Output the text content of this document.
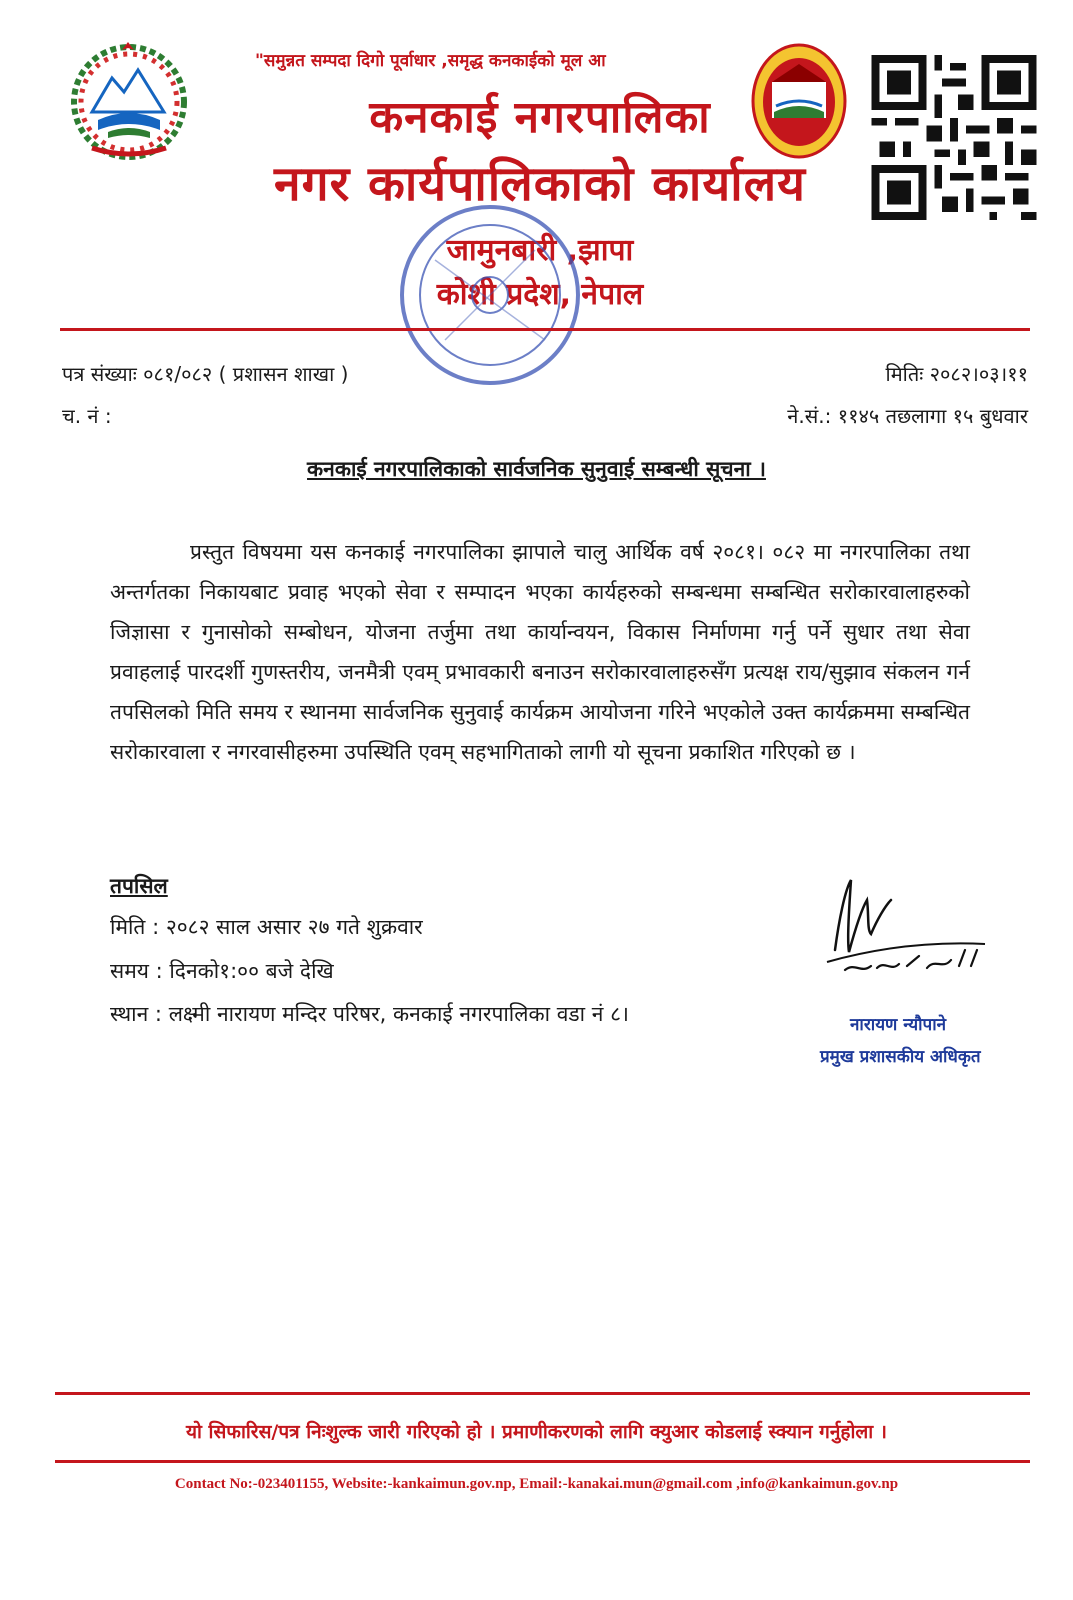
"समुन्नत सम्पदा दिगो पूर्वाधार ,समृद्ध कनकाईको मूल आ
कनकाई नगरपालिका
नगर कार्यपालिकाको कार्यालय
जामुनबारी ,झापा
कोशी प्रदेश, नेपाल
पत्र संख्याः ०८१/०८२ ( प्रशासन शाखा )	मितिः २०८२।०३।११
च. नं :	ने.सं.: ११४५ तछलागा १५ बुधवार
कनकाई नगरपालिकाको सार्वजनिक सुनुवाई सम्बन्धी सूचना ।
प्रस्तुत विषयमा यस कनकाई नगरपालिका झापाले चालु आर्थिक वर्ष २०८१। ०८२ मा नगरपालिका तथा अन्तर्गतका निकायबाट प्रवाह भएको सेवा र सम्पादन भएका कार्यहरुको सम्बन्धमा सम्बन्धित सरोकारवालाहरुको जिज्ञासा र गुनासोको सम्बोधन, योजना तर्जुमा तथा कार्यान्वयन, विकास निर्माणमा गर्नु पर्ने सुधार तथा सेवा प्रवाहलाई पारदर्शी गुणस्तरीय, जनमैत्री एवम् प्रभावकारी बनाउन सरोकारवालाहरुसँग प्रत्यक्ष राय/सुझाव संकलन गर्न तपसिलको मिति समय र स्थानमा सार्वजनिक सुनुवाई कार्यक्रम आयोजना गरिने भएकोले उक्त कार्यक्रममा सम्बन्धित सरोकारवाला र नगरवासीहरुमा उपस्थिति एवम् सहभागिताको लागी यो सूचना प्रकाशित गरिएको छ ।
तपसिल
मिति : २०८२ साल असार २७ गते शुक्रवार
समय : दिनको१:०० बजे देखि
स्थान : लक्ष्मी नारायण मन्दिर परिषर, कनकाई नगरपालिका वडा नं ८।	नारायण न्यौपाने
प्रमुख प्रशासकीय अधिकृत
यो सिफारिस/पत्र निःशुल्क जारी गरिएको हो । प्रमाणीकरणको लागि क्युआर कोडलाई स्क्यान गर्नुहोला ।
Contact No:-023401155, Website:-kankaimun.gov.np, Email:-kanakai.mun@gmail.com ,info@kankaimun.gov.np
